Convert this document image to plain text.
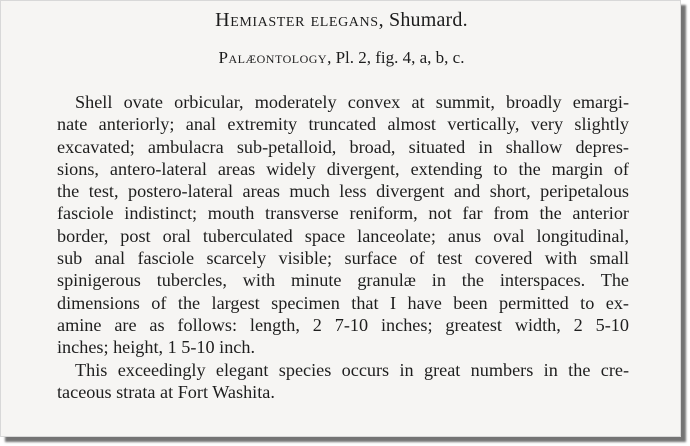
Hemiaster elegans, Shumard.
Palæontology, Pl. 2, fig. 4, a, b, c.
Shell ovate orbicular, moderately convex at summit, broadly emargi-
nate anteriorly; anal extremity truncated almost vertically, very slightly
excavated; ambulacra sub-petalloid, broad, situated in shallow depres-
sions, antero-lateral areas widely divergent, extending to the margin of
the test, postero-lateral areas much less divergent and short, peripetalous
fasciole indistinct; mouth transverse reniform, not far from the anterior
border, post oral tuberculated space lanceolate; anus oval longitudinal,
sub anal fasciole scarcely visible; surface of test covered with small
spinigerous tubercles, with minute granulæ in the interspaces. The
dimensions of the largest specimen that I have been permitted to ex-
amine are as follows: length, 2 7-10 inches; greatest width, 2 5-10
inches; height, 1 5-10 inch.
This exceedingly elegant species occurs in great numbers in the cre-
taceous strata at Fort Washita.
